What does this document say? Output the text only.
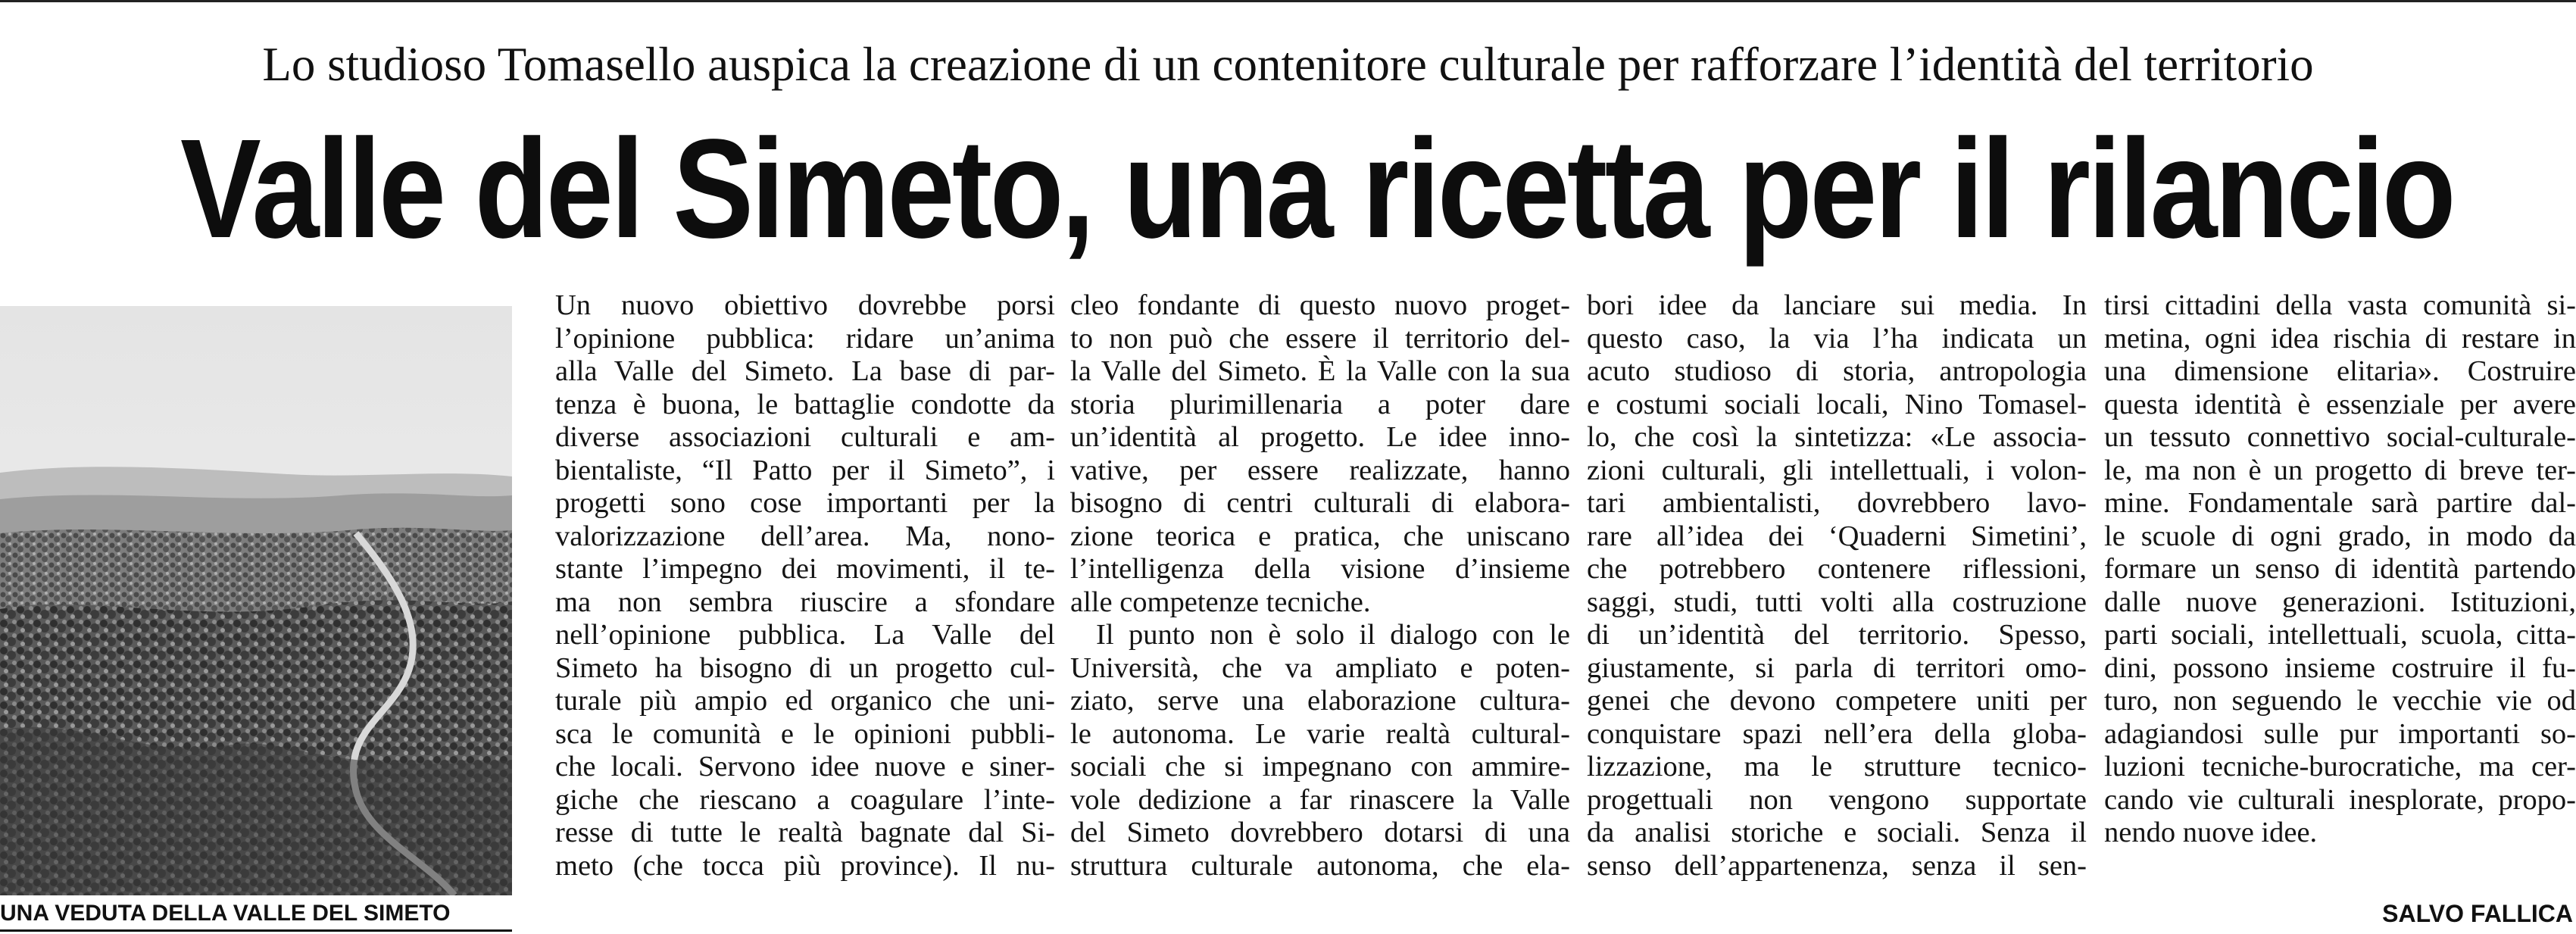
Lo studioso Tomasello auspica la creazione di un contenitore culturale per rafforzare l’identità del territorio
Valle del Simeto, una ricetta per il rilancio
UNA VEDUTA DELLA VALLE DEL SIMETO

Un nuovo obiettivo dovrebbe porsi

l’opinione pubblica: ridare un’anima

alla Valle del Simeto. La base di par-

tenza è buona, le battaglie condotte da

diverse associazioni culturali e am-

bientaliste, “Il Patto per il Simeto”, i

progetti sono cose importanti per la

valorizzazione dell’area. Ma, nono-

stante l’impegno dei movimenti, il te-

ma non sembra riuscire a sfondare

nell’opinione pubblica. La Valle del

Simeto ha bisogno di un progetto cul-

turale più ampio ed organico che uni-

sca le comunità e le opinioni pubbli-

che locali. Servono idee nuove e siner-

giche che riescano a coagulare l’inte-

resse di tutte le realtà bagnate dal Si-

meto (che tocca più province). Il nu-

cleo fondante di questo nuovo proget-

to non può che essere il territorio del-

la Valle del Simeto. È la Valle con la sua

storia plurimillenaria a poter dare

un’identità al progetto. Le idee inno-

vative, per essere realizzate, hanno

bisogno di centri culturali di elabora-

zione teorica e pratica, che uniscano

l’intelligenza della visione d’insieme

alle competenze tecniche.

Il punto non è solo il dialogo con le

Università, che va ampliato e poten-

ziato, serve una elaborazione cultura-

le autonoma. Le varie realtà cultural-

sociali che si impegnano con ammire-

vole dedizione a far rinascere la Valle

del Simeto dovrebbero dotarsi di una

struttura culturale autonoma, che ela-

bori idee da lanciare sui media. In

questo caso, la via l’ha indicata un

acuto studioso di storia, antropologia

e costumi sociali locali, Nino Tomasel-

lo, che così la sintetizza: «Le associa-

zioni culturali, gli intellettuali, i volon-

tari ambientalisti, dovrebbero lavo-

rare all’idea dei ‘Quaderni Simetini’,

che potrebbero contenere riflessioni,

saggi, studi, tutti volti alla costruzione

di un’identità del territorio. Spesso,

giustamente, si parla di territori omo-

genei che devono competere uniti per

conquistare spazi nell’era della globa-

lizzazione, ma le strutture tecnico-

progettuali non vengono supportate

da analisi storiche e sociali. Senza il

senso dell’appartenenza, senza il sen-

tirsi cittadini della vasta comunità si-

metina, ogni idea rischia di restare in

una dimensione elitaria». Costruire

questa identità è essenziale per avere

un tessuto connettivo social-culturale-

le, ma non è un progetto di breve ter-

mine. Fondamentale sarà partire dal-

le scuole di ogni grado, in modo da

formare un senso di identità partendo

dalle nuove generazioni. Istituzioni,

parti sociali, intellettuali, scuola, citta-

dini, possono insieme costruire il fu-

turo, non seguendo le vecchie vie od

adagiandosi sulle pur importanti so-

luzioni tecniche-burocratiche, ma cer-

cando vie culturali inesplorate, propo-

nendo nuove idee.

SALVO FALLICA
